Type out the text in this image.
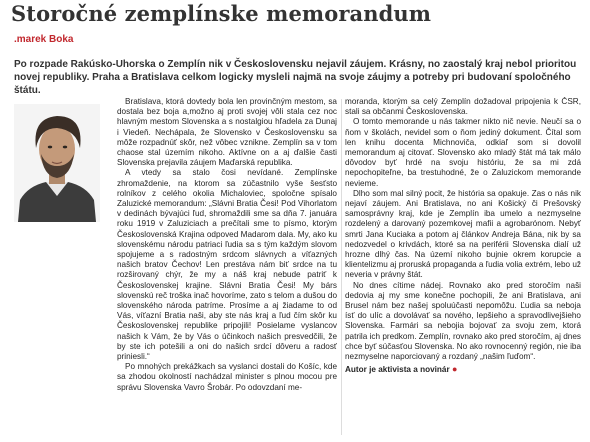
Storočné zemplínske memorandum
.marek Boka

Po rozpade Rakúsko-Uhorska o Zemplín nik v Československu nejavil záujem. Krásny, no zaostalý kraj nebol prioritou novej republiky. Praha a Bratislava celkom logicky mysleli najmä na svoje záujmy a potreby pri budovaní spoločného štátu.

Bratislava, ktorá dovtedy bola len provinčným mestom, sa dostala bez boja a,možno aj proti svojej vôli stala cez noc hlavným mestom Slovenska a s nostalgiou hľadela za Dunaj i Viedeň. Nechápala, že Slovensko v Československu sa môže rozpadnúť skôr, než vôbec vznikne. Zemplín sa v tom chaose stal územím nikoho. Aktívne on a aj ďalšie časti Slovenska prejavila záujem Maďarská republika.

A vtedy sa stalo čosi nevídané. Zemplínske zhromaždenie, na ktorom sa zúčastnilo vyše šesťsto rolníkov z celého okolia Michaloviec, spoločne spísalo Zaluzické memorandum: „Slávni Bratia Česi! Pod Vihorlatom v dedinách bývajúci ľud, shromaždili sme sa dňa 7. januára roku 1919 v Zaluziciach a prečítali sme to písmo, ktorým Československá Krajina odpoved Madarom dala. My, ako ku slovenskému národu patriaci ľudia sa s tým každým slovom spojujeme a s radostným srdcom slávnych a víťazných našich bratov Čechov! Len prestáva nám biť srdce na tu rozširovaný chýr, že my a náš kraj nebude patriť k Československej krajine. Slávni Bratia Česi! My bárs slovenskú reč troška inač hovoríme, zato s telom a dušou do slovenského národa patríme. Prosíme a aj žiadame to od Vás, víťazní Bratia naši, aby ste nás kraj a ľud čím skôr ku Československej republike pripojili! Posielame vyslancov našich k Vám, že by Vás o účinkoch našich presvedčili, že by ste ich potešili a oni do našich srdcí dôveru a radosť priniesli.“

Po mnohých prekážkach sa vyslanci dostali do Košíc, kde sa zhodou okolností nachádzal minister s plnou mocou pre správu Slovenska Vavro Šrobár. Po odovzdaní me-

moranda, ktorým sa celý Zemplín dožadoval pripojenia k ČSR, stali sa občanmi Československa.

O tomto memorande u nás takmer nikto nič nevie. Neučí sa o ňom v školách, nevidel som o ňom jediný dokument. Čítal som len knihu docenta Michnoviča, odkiaľ som si dovolil memorandum aj citovať. Slovensko ako mladý štát má tak málo dôvodov byť hrdé na svoju históriu, že sa mi zdá nepochopiteľne, ba trestuhodné, že o Zaluzickom memorande nevieme.

Dlho som mal silný pocit, že história sa opakuje. Zas o nás nik nejaví záujem. Ani Bratislava, no ani Košický či Prešovský samosprávny kraj, kde je Zemplín iba umelo a nezmyselne rozdelený a darovaný pozemkovej mafii a agrobarónom. Nebyť smrti Jana Kuciaka a potom aj článkov Andreja Bána, nik by sa nedozvedel o krivdách, ktoré sa na periférii Slovenska dialí už hrozne dlhý čas. Na území nikoho bujnie okrem korupcie a klientelizmu aj proruská propaganda a ľudia volia extrém, lebo už neveria v právny štát.

No dnes cítime nádej. Rovnako ako pred storočím naši dedovia aj my sme konečne pochopili, že ani Bratislava, ani Brusel nám bez našej spoluúčasti nepomôžu. Ľudia sa nebojа ísť do ulíc a dovolávať sa nového, lepšieho a spravodlivejšieho Slovenska. Farmári sa nebojia bojovať za svoju zem, ktorá patrila ich predkom. Zemplín, rovnako ako pred storočím, aj dnes chce byť súčasťou Slovenska. No ako rovnocenný región, nie iba nezmyselne naporciovaný a rozdaný „našim ľuďom“.

Autor je aktivista a novinár ●
